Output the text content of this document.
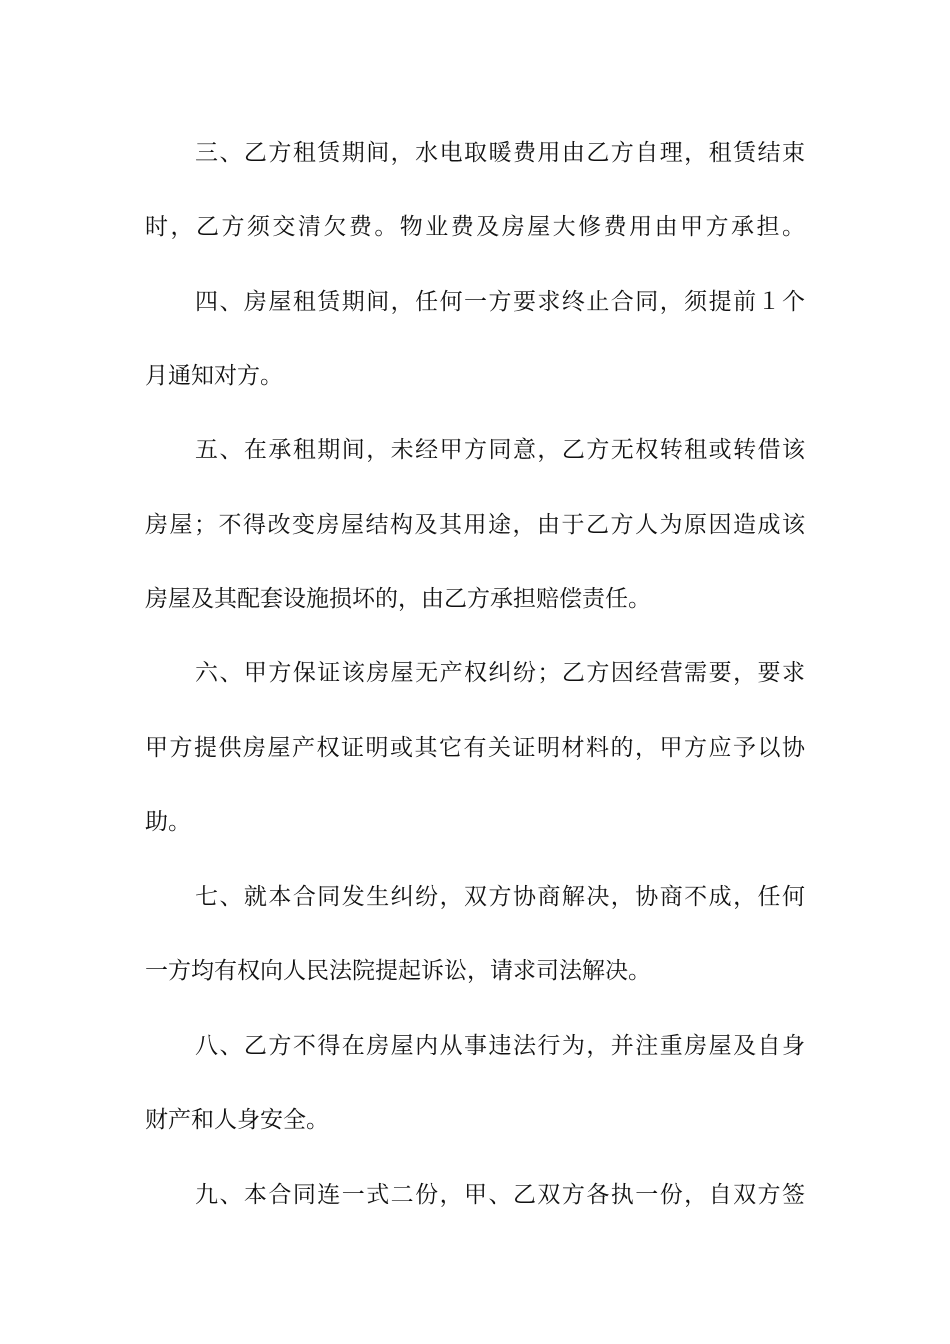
三、乙方租赁期间，水电取暖费用由乙方自理，租赁结束
时，乙方须交清欠费。物业费及房屋大修费用由甲方承担。
四、房屋租赁期间，任何一方要求终止合同，须提前１个
月通知对方。
五、在承租期间，未经甲方同意，乙方无权转租或转借该
房屋；不得改变房屋结构及其用途，由于乙方人为原因造成该
房屋及其配套设施损坏的，由乙方承担赔偿责任。
六、甲方保证该房屋无产权纠纷；乙方因经营需要，要求
甲方提供房屋产权证明或其它有关证明材料的，甲方应予以协
助。
七、就本合同发生纠纷，双方协商解决，协商不成，任何
一方均有权向人民法院提起诉讼，请求司法解决。
八、乙方不得在房屋内从事违法行为，并注重房屋及自身
财产和人身安全。
九、本合同连一式二份，甲、乙双方各执一份，自双方签
